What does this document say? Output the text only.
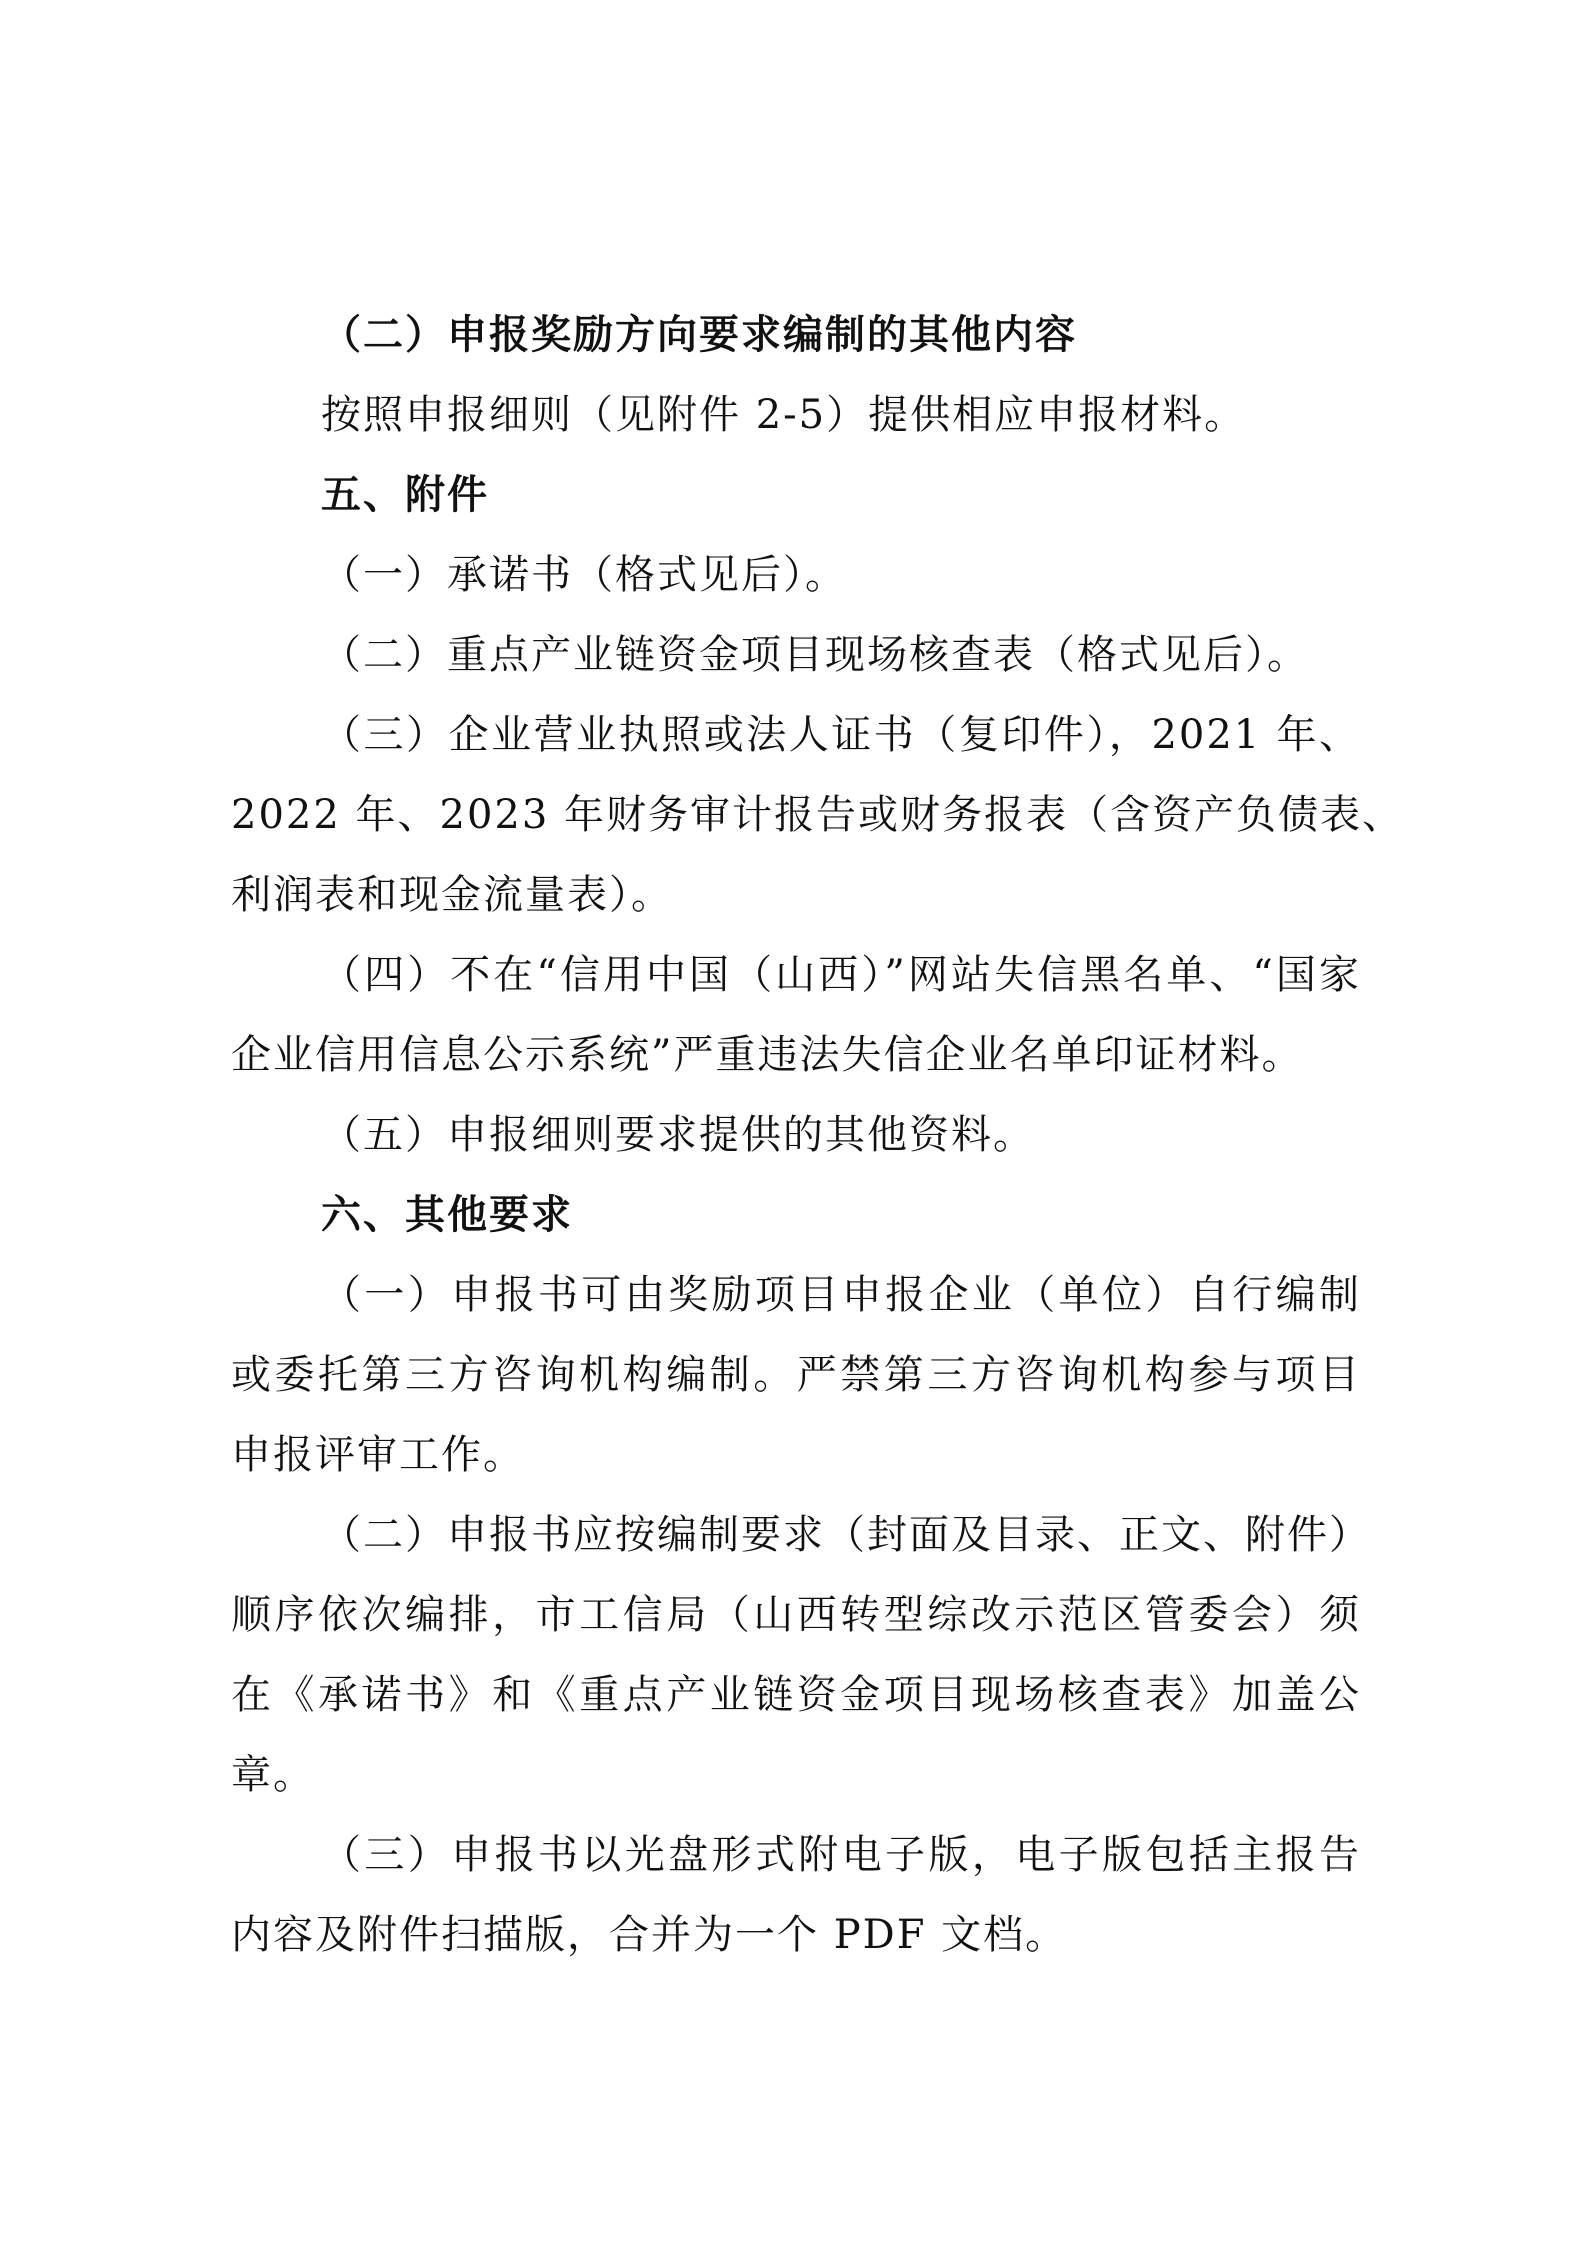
（二）申报奖励方向要求编制的其他内容
按照申报细则（见附件 2-5）提供相应申报材料。
五、附件
（一）承诺书（格式见后）。
（二）重点产业链资金项目现场核查表（格式见后）。
（三）企业营业执照或法人证书（复印件），2021 年、
2022 年、2023 年财务审计报告或财务报表（含资产负债表、
利润表和现金流量表）。
（四）不在“信用中国（山西）”网站失信黑名单、“国家
企业信用信息公示系统”严重违法失信企业名单印证材料。
（五）申报细则要求提供的其他资料。
六、其他要求
（一）申报书可由奖励项目申报企业（单位）自行编制
或委托第三方咨询机构编制。严禁第三方咨询机构参与项目
申报评审工作。
（二）申报书应按编制要求（封面及目录、正文、附件）
顺序依次编排，市工信局（山西转型综改示范区管委会）须
在《承诺书》和《重点产业链资金项目现场核查表》加盖公
章。
（三）申报书以光盘形式附电子版，电子版包括主报告
内容及附件扫描版，合并为一个 PDF 文档。
